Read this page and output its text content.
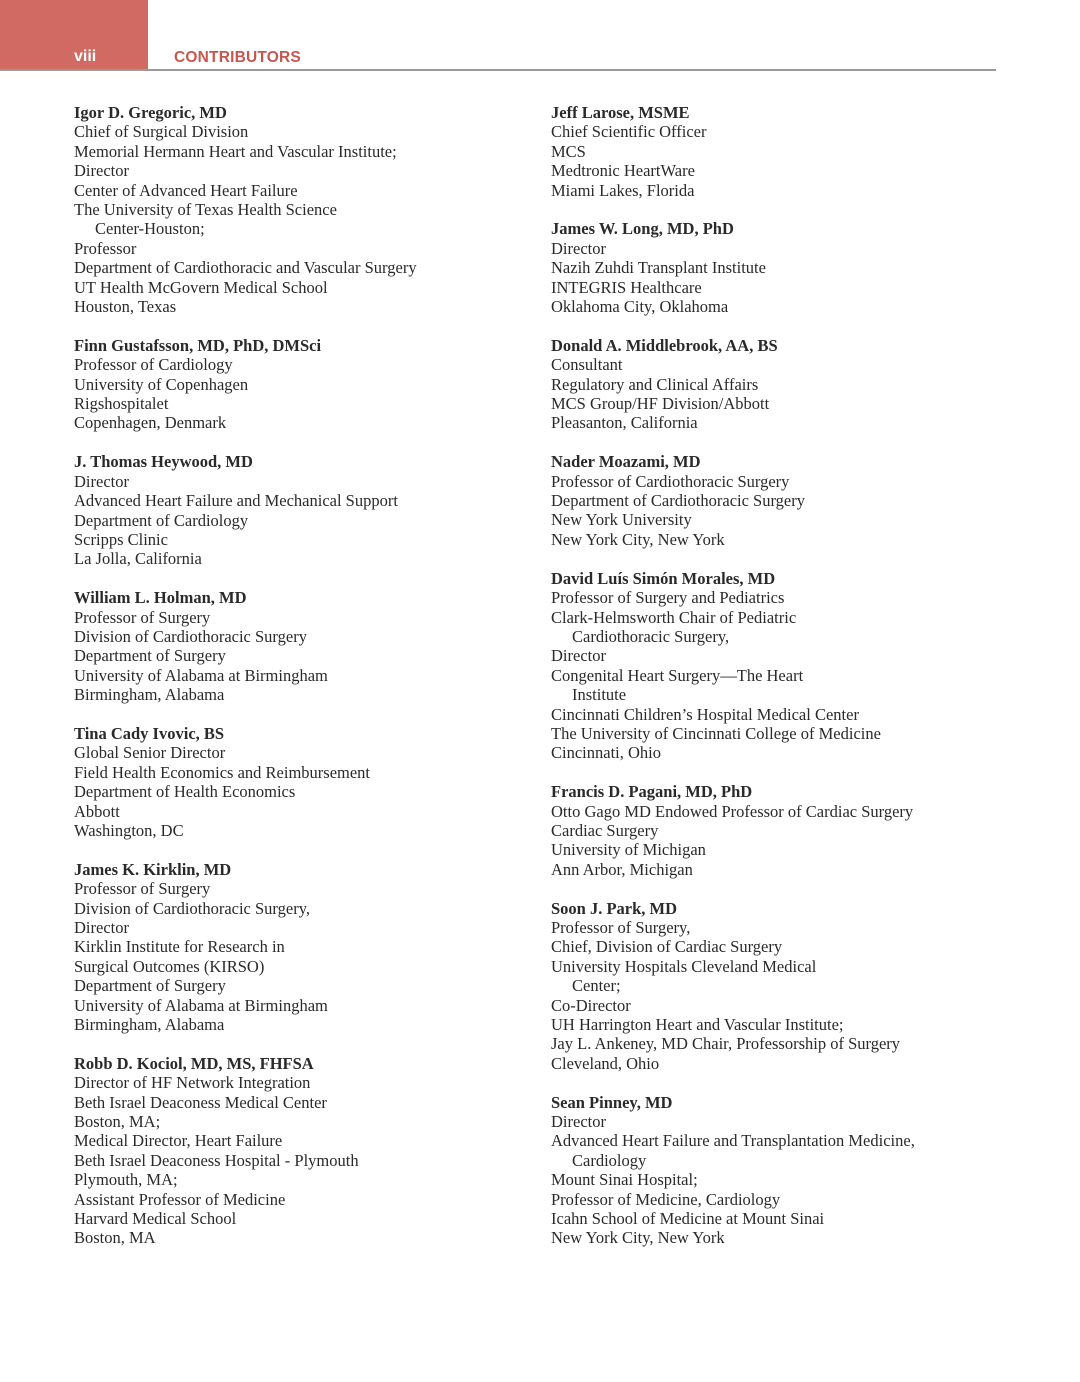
viii	CONTRIBUTORS
Igor D. Gregoric, MD
Chief of Surgical Division
Memorial Hermann Heart and Vascular Institute;
Director
Center of Advanced Heart Failure
The University of Texas Health Science
Center-Houston;
Professor
Department of Cardiothoracic and Vascular Surgery
UT Health McGovern Medical School
Houston, Texas
Finn Gustafsson, MD, PhD, DMSci
Professor of Cardiology
University of Copenhagen
Rigshospitalet
Copenhagen, Denmark
J. Thomas Heywood, MD
Director
Advanced Heart Failure and Mechanical Support
Department of Cardiology
Scripps Clinic
La Jolla, California
William L. Holman, MD
Professor of Surgery
Division of Cardiothoracic Surgery
Department of Surgery
University of Alabama at Birmingham
Birmingham, Alabama
Tina Cady Ivovic, BS
Global Senior Director
Field Health Economics and Reimbursement
Department of Health Economics
Abbott
Washington, DC
James K. Kirklin, MD
Professor of Surgery
Division of Cardiothoracic Surgery,
Director
Kirklin Institute for Research in
Surgical Outcomes (KIRSO)
Department of Surgery
University of Alabama at Birmingham
Birmingham, Alabama
Robb D. Kociol, MD, MS, FHFSA
Director of HF Network Integration
Beth Israel Deaconess Medical Center
Boston, MA;
Medical Director, Heart Failure
Beth Israel Deaconess Hospital - Plymouth
Plymouth, MA;
Assistant Professor of Medicine
Harvard Medical School
Boston, MA
Jeff Larose, MSME
Chief Scientific Officer
MCS
Medtronic HeartWare
Miami Lakes, Florida
James W. Long, MD, PhD
Director
Nazih Zuhdi Transplant Institute
INTEGRIS Healthcare
Oklahoma City, Oklahoma
Donald A. Middlebrook, AA, BS
Consultant
Regulatory and Clinical Affairs
MCS Group/HF Division/Abbott
Pleasanton, California
Nader Moazami, MD
Professor of Cardiothoracic Surgery
Department of Cardiothoracic Surgery
New York University
New York City, New York
David Luís Simón Morales, MD
Professor of Surgery and Pediatrics
Clark-Helmsworth Chair of Pediatric
Cardiothoracic Surgery,
Director
Congenital Heart Surgery—The Heart
Institute
Cincinnati Children’s Hospital Medical Center
The University of Cincinnati College of Medicine
Cincinnati, Ohio
Francis D. Pagani, MD, PhD
Otto Gago MD Endowed Professor of Cardiac Surgery
Cardiac Surgery
University of Michigan
Ann Arbor, Michigan
Soon J. Park, MD
Professor of Surgery,
Chief, Division of Cardiac Surgery
University Hospitals Cleveland Medical
Center;
Co-Director
UH Harrington Heart and Vascular Institute;
Jay L. Ankeney, MD Chair, Professorship of Surgery
Cleveland, Ohio
Sean Pinney, MD
Director
Advanced Heart Failure and Transplantation Medicine,
Cardiology
Mount Sinai Hospital;
Professor of Medicine, Cardiology
Icahn School of Medicine at Mount Sinai
New York City, New York
